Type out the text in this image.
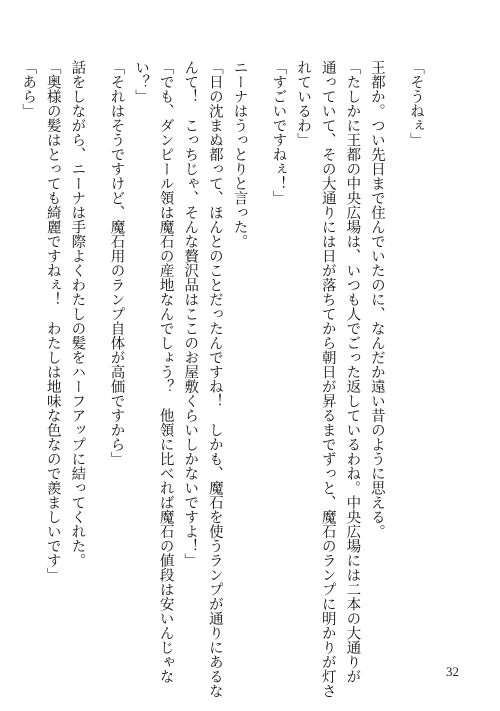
「そうねぇ」
王都か。つい先日まで住んでいたのに、なんだか遠い昔のように思える。
「たしかに王都の中央広場は、いつも人でごった返しているわね。中央広場には二本の大通りが
通っていて、その大通りには日が落ちてから朝日が昇るまでずっと、魔石のランプに明かりが灯さ
れているわ」
「すごいですねぇ！」
ニーナはうっとりと言った。
「日の沈まぬ都って、ほんとのことだったんですね！　しかも、魔石を使うランプが通りにあるな
んて！　こっちじゃ、そんな贅沢品はここのお屋敷くらいしかないですよ！」
「でも、ダンピール領は魔石の産地なんでしょう？　他領に比べれば魔石の値段は安いんじゃな
い？」
「それはそうですけど、魔石用のランプ自体が高価ですから」
話をしながら、ニーナは手際よくわたしの髪をハーフアップに結ってくれた。
「奥様の髪はとっても綺麗ですねぇ！　わたしは地味な色なので羨ましいです」
「あら」
32
